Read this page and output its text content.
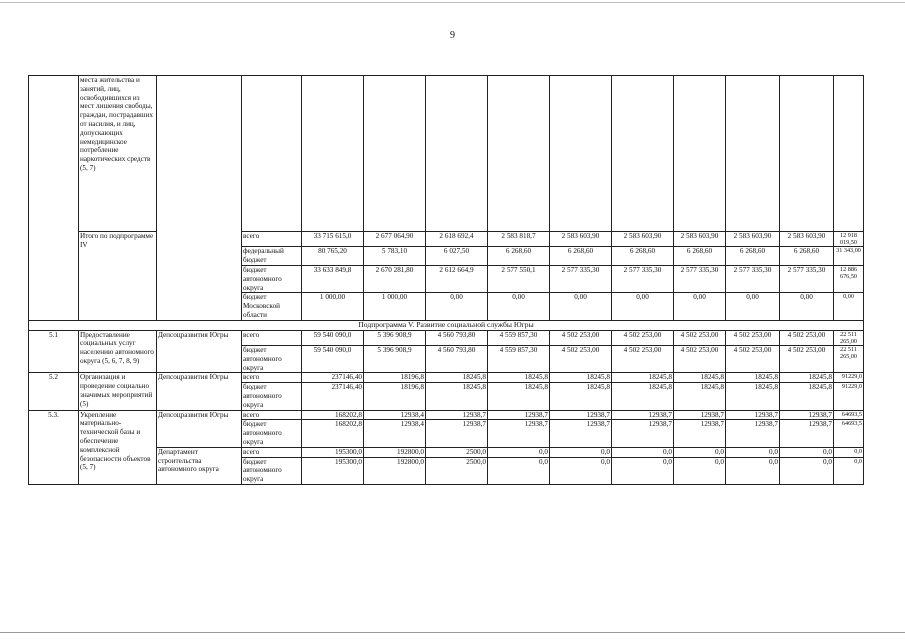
9
	места жительства и занятий, лиц, освободившихся из мест лишения свободы, граждан, пострадавших от насилия, и лиц, допускающих немедицинское потребление наркотических средств (5, 7)												
	Итого по подпрограмме IV		всего	33 715 615,0	2 677 064,90	2 618 692,4	2 583 818,7	2 583 603,90	2 583 603,90	2 583 603,90	2 583 603,90	2 583 603,90	12 918 019,50
			федеральный бюджет	80 765,20	5 783,10	6 027,50	6 268,60	6 268,60	6 268,60	6 268,60	6 268,60	6 268,60	31 343,00
			бюджет автономного округа	33 633 849,8	2 670 281,80	2 612 664,9	2 577 550,1	2 577 335,30	2 577 335,30	2 577 335,30	2 577 335,30	2 577 335,30	12 886 676,50
			бюджет Московской области	1 000,00	1 000,00	0,00	0,00	0,00	0,00	0,00	0,00	0,00	0,00
Подпрограмма V. Развитие социальной службы Югры													
5.1	Предоставление социальных услуг населению автономного округа (5, 6, 7, 8, 9)	Депсоцразвития Югры	всего	59 540 090,0	5 396 908,9	4 560 793,80	4 559 857,30	4 502 253,00	4 502 253,00	4 502 253,00	4 502 253,00	4 502 253,00	22 511 265,00
			бюджет автономного округа	59 540 090,0	5 396 908,9	4 560 793,80	4 559 857,30	4 502 253,00	4 502 253,00	4 502 253,00	4 502 253,00	4 502 253,00	22 511 265,00
5.2	Организация и проведение социально значимых мероприятий (5)	Депсоцразвития Югры	всего	237146,40	18196,8	18245,8	18245,8	18245,8	18245,8	18245,8	18245,8	18245,8	91229,0
			бюджет автономного округа	237146,40	18196,8	18245,8	18245,8	18245,8	18245,8	18245,8	18245,8	18245,8	91229,0
5.3.	Укрепление материально-технической базы и обеспечение комплексной безопасности объектов (5, 7)	Депсоцразвития Югры	всего	168202,8	12938,4	12938,7	12938,7	12938,7	12938,7	12938,7	12938,7	12938,7	64693,5
			бюджет автономного округа	168202,8	12938,4	12938,7	12938,7	12938,7	12938,7	12938,7	12938,7	12938,7	64693,5
		Департамент строительства автономного округа	всего	195300,0	192800,0	2500,0	0,0	0,0	0,0	0,0	0,0	0,0	0,0
			бюджет автономного округа	195300,0	192800,0	2500,0	0,0	0,0	0,0	0,0	0,0	0,0	0,0
